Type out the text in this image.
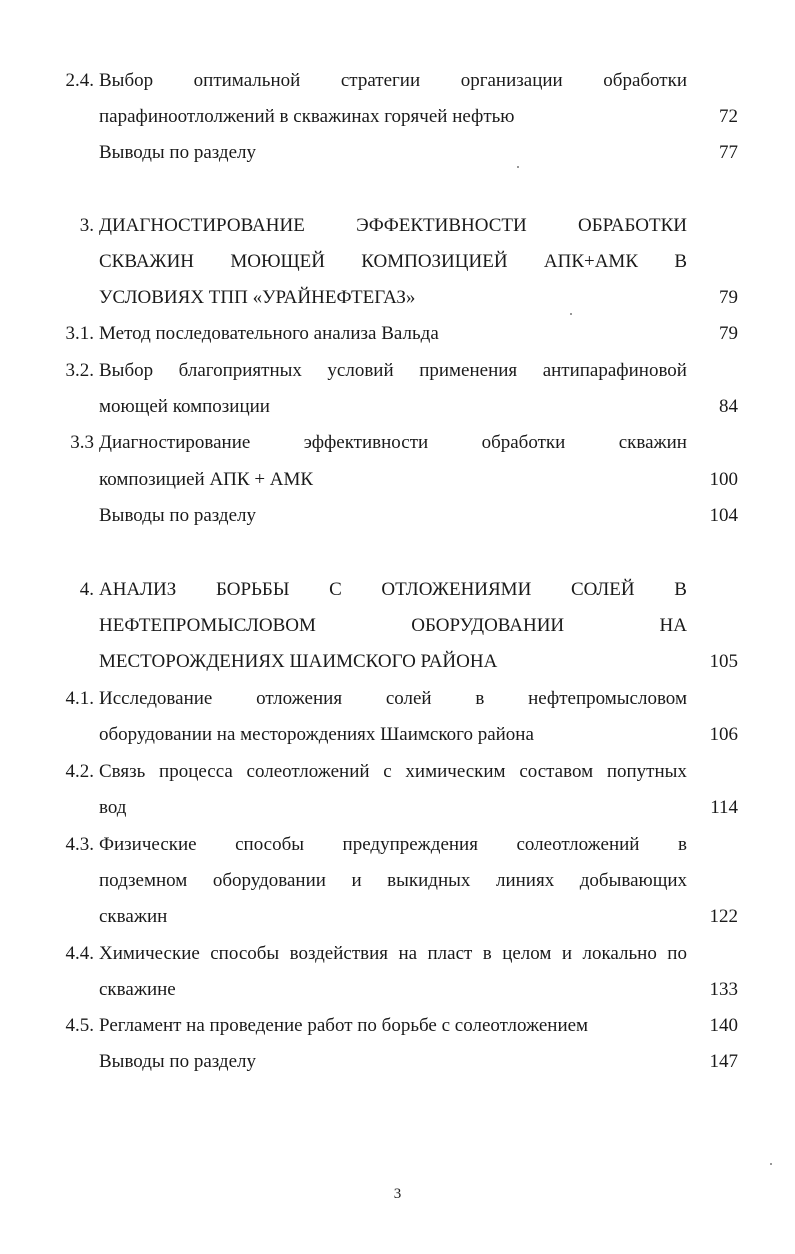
2.4. Выбор оптимальной стратегии организации обработки
парафиноотлолжений в скважинах горячей нефтью	72
Выводы по разделу	77
3. ДИАГНОСТИРОВАНИЕ	ЭФФЕКТИВНОСТИ	ОБРАБОТКИ
СКВАЖИН МОЮЩЕЙ КОМПОЗИЦИЕЙ АПК+АМК В
УСЛОВИЯХ ТПП «УРАЙНЕФТЕГАЗ»	79
3.1. Метод последовательного анализа Вальда	79
3.2. Выбор благоприятных условий применения антипарафиновой
моющей композиции	84
3.3 Диагностирование	эффективности	обработки	скважин
композицией АПК + АМК	100
Выводы по разделу	104
4. АНАЛИЗ БОРЬБЫ С ОТЛОЖЕНИЯМИ СОЛЕЙ В
НЕФТЕПРОМЫСЛОВОМ	ОБОРУДОВАНИИ	НА
МЕСТОРОЖДЕНИЯХ ШАИМСКОГО РАЙОНА	105
4.1. Исследование отложения солей в нефтепромысловом
оборудовании на месторождениях Шаимского района	106
4.2. Связь процесса солеотложений с химическим составом попутных
вод	114
4.3. Физические способы предупреждения солеотложений в
подземном оборудовании и выкидных линиях добывающих
скважин	122
4.4. Химические способы воздействия на пласт в целом и локально по
скважине	133
4.5. Регламент на проведение работ по борьбе с солеотложением	140
Выводы по разделу	147
3
